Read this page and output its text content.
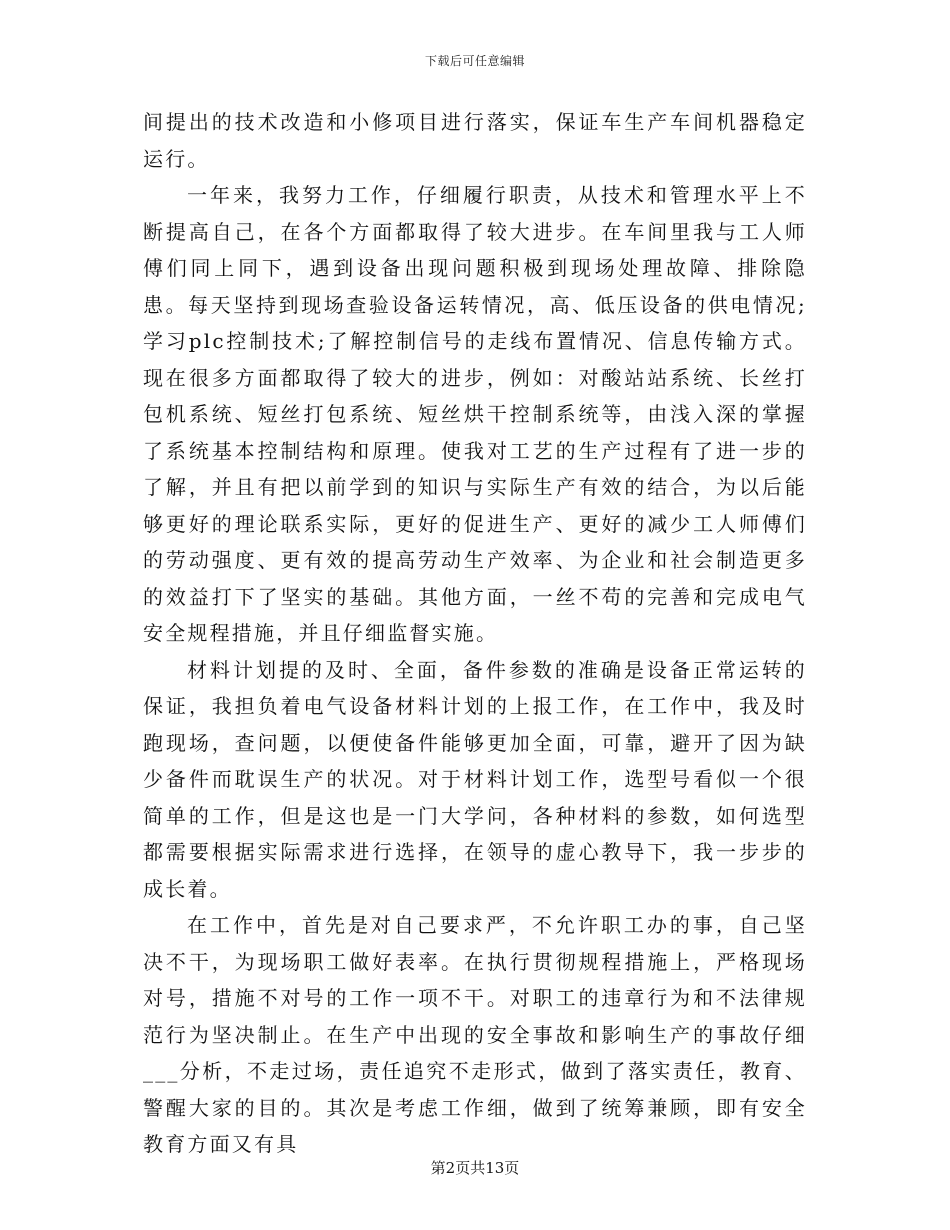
下载后可任意编辑

间提出的技术改造和小修项目进行落实，保证车生产车间机器稳定运行。

一年来，我努力工作，仔细履行职责，从技术和管理水平上不断提高自己，在各个方面都取得了较大进步。在车间里我与工人师傅们同上同下，遇到设备出现问题积极到现场处理故障、排除隐患。每天坚持到现场查验设备运转情况，高、低压设备的供电情况;学习plc控制技术;了解控制信号的走线布置情况、信息传输方式。现在很多方面都取得了较大的进步，例如：对酸站站系统、长丝打包机系统、短丝打包系统、短丝烘干控制系统等，由浅入深的掌握了系统基本控制结构和原理。使我对工艺的生产过程有了进一步的了解，并且有把以前学到的知识与实际生产有效的结合，为以后能够更好的理论联系实际，更好的促进生产、更好的减少工人师傅们的劳动强度、更有效的提高劳动生产效率、为企业和社会制造更多的效益打下了坚实的基础。其他方面，一丝不苟的完善和完成电气安全规程措施，并且仔细监督实施。

材料计划提的及时、全面，备件参数的准确是设备正常运转的保证，我担负着电气设备材料计划的上报工作，在工作中，我及时跑现场，查问题，以便使备件能够更加全面，可靠，避开了因为缺少备件而耽误生产的状况。对于材料计划工作，选型号看似一个很简单的工作，但是这也是一门大学问，各种材料的参数，如何选型都需要根据实际需求进行选择，在领导的虚心教导下，我一步步的成长着。

在工作中，首先是对自己要求严，不允许职工办的事，自己坚决不干，为现场职工做好表率。在执行贯彻规程措施上，严格现场对号，措施不对号的工作一项不干。对职工的违章行为和不法律规范行为坚决制止。在生产中出现的安全事故和影响生产的事故仔细___分析，不走过场，责任追究不走形式，做到了落实责任，教育、警醒大家的目的。其次是考虑工作细，做到了统筹兼顾，即有安全教育方面又有具

第2页共13页
